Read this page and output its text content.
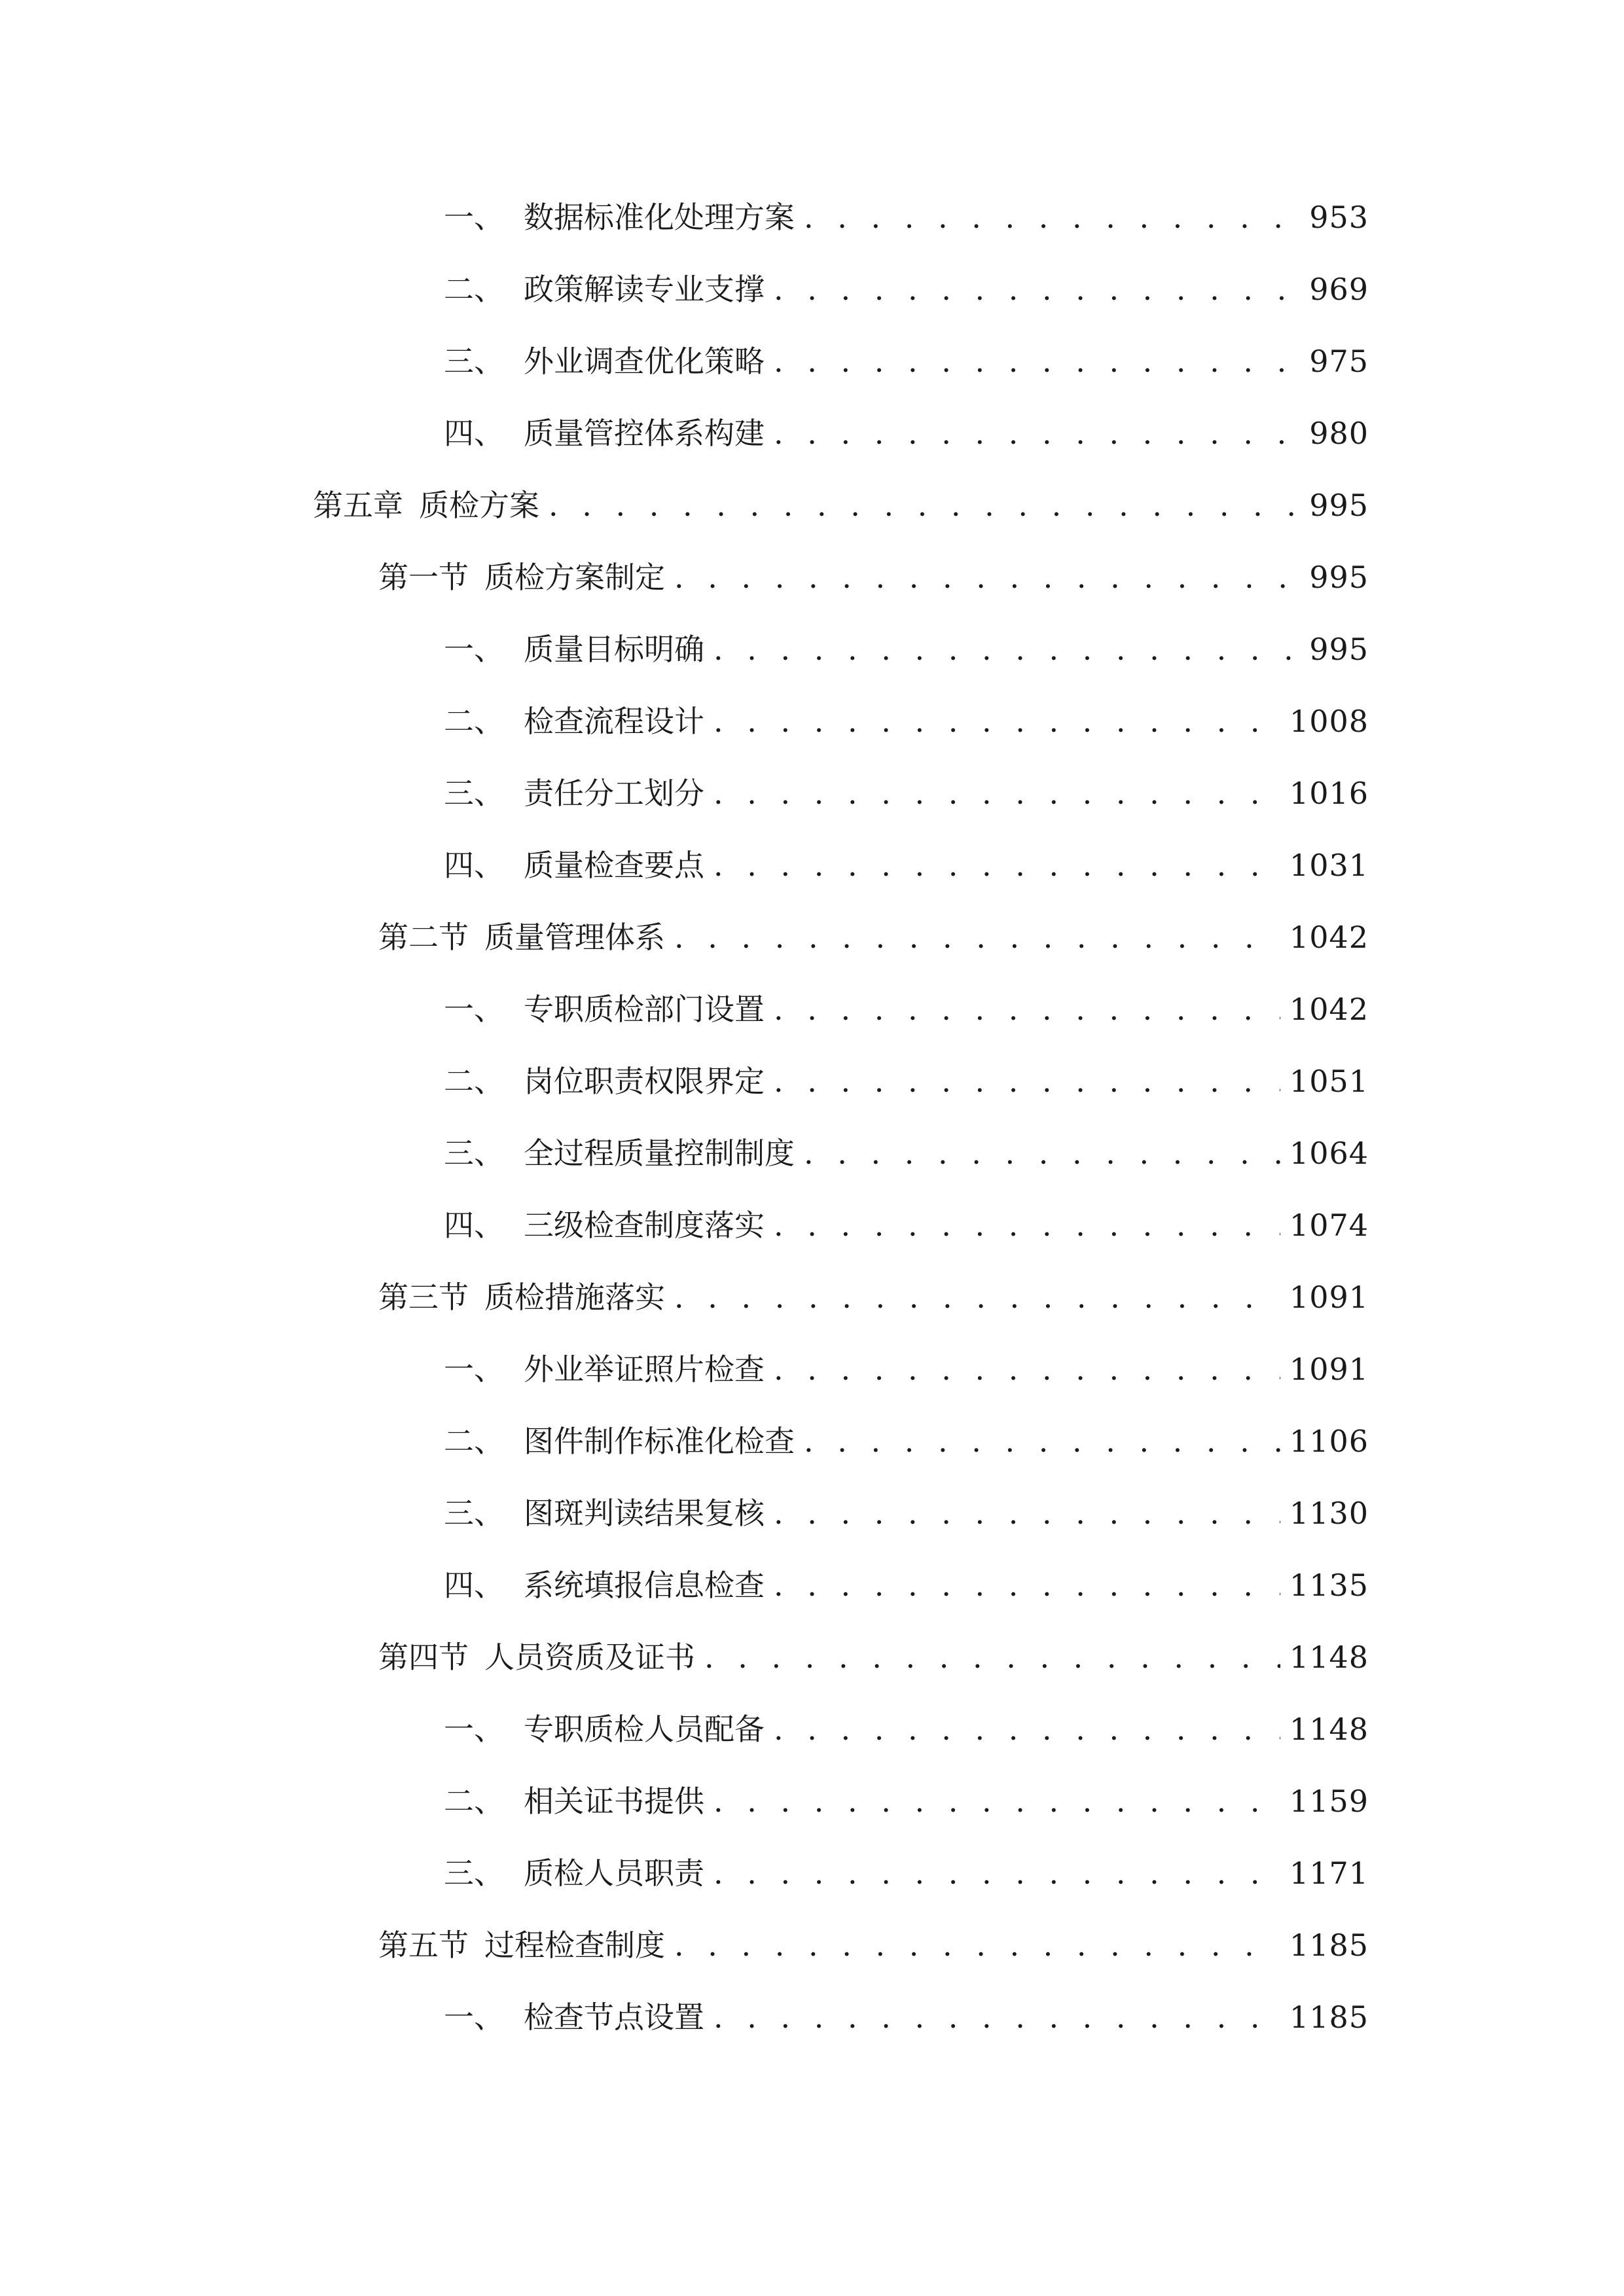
一、 数据标准化处理方案 . . .	953
二、 政策解读专业支撑 . . .	969
三、 外业调查优化策略 . . .	975
四、 质量管控体系构建 . . .	980
第五章 质检方案 . . .	995
第一节 质检方案制定 . . .	995
一、 质量目标明确 . . .	995
二、 检查流程设计 . . .	1008
三、 责任分工划分 . . .	1016
四、 质量检查要点 . . .	1031
第二节 质量管理体系 . . .	1042
一、 专职质检部门设置 . . .	1042
二、 岗位职责权限界定 . . .	1051
三、 全过程质量控制制度 . . .	1064
四、 三级检查制度落实 . . .	1074
第三节 质检措施落实 . . .	1091
一、 外业举证照片检查 . . .	1091
二、 图件制作标准化检查 . . .	1106
三、 图斑判读结果复核 . . .	1130
四、 系统填报信息检查 . . .	1135
第四节 人员资质及证书 . . .	1148
一、 专职质检人员配备 . . .	1148
二、 相关证书提供 . . .	1159
三、 质检人员职责 . . .	1171
第五节 过程检查制度 . . .	1185
一、 检查节点设置 . . .	1185
